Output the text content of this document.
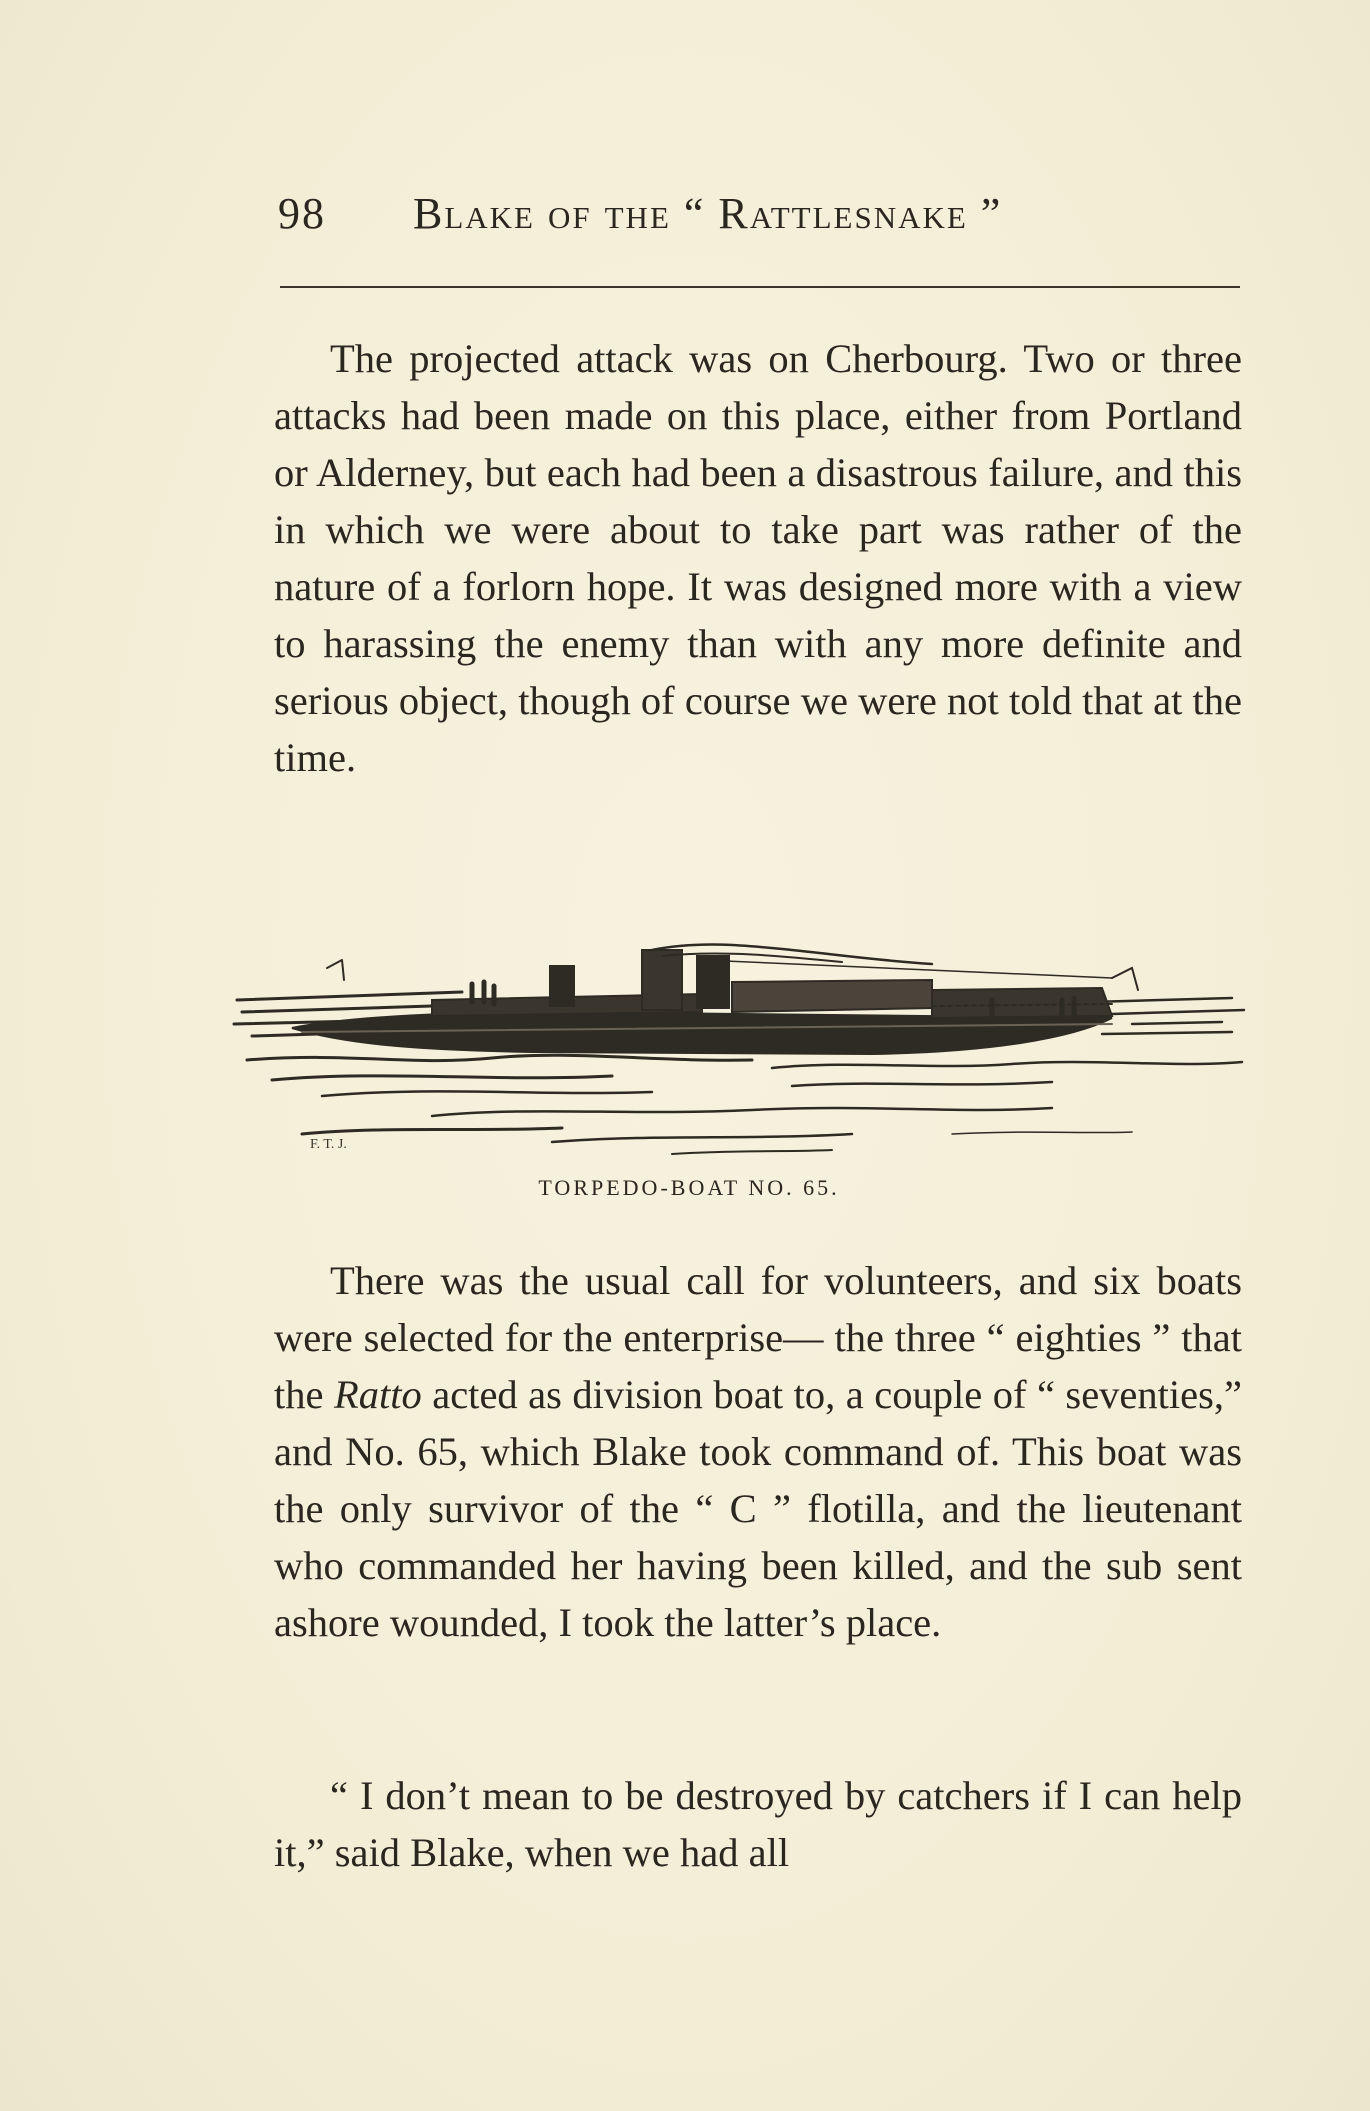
98 Blake of the “ Rattlesnake ”

The projected attack was on Cherbourg. Two or three attacks had been made on this place, either from Portland or Alderney, but each had been a disastrous failure, and this in which we were about to take part was rather of the nature of a forlorn hope. It was designed more with a view to harassing the enemy than with any more definite and serious object, though of course we were not told that at the time.

F. T. J.
TORPEDO-BOAT NO. 65.

There was the usual call for volunteers, and six boats were selected for the enterprise— the three “ eighties ” that the Ratto acted as division boat to, a couple of “ seventies,” and No. 65, which Blake took command of. This boat was the only survivor of the “ C ” flotilla, and the lieutenant who commanded her having been killed, and the sub sent ashore wounded, I took the latter’s place.

“ I don’t mean to be destroyed by catchers if I can help it,” said Blake, when we had all
